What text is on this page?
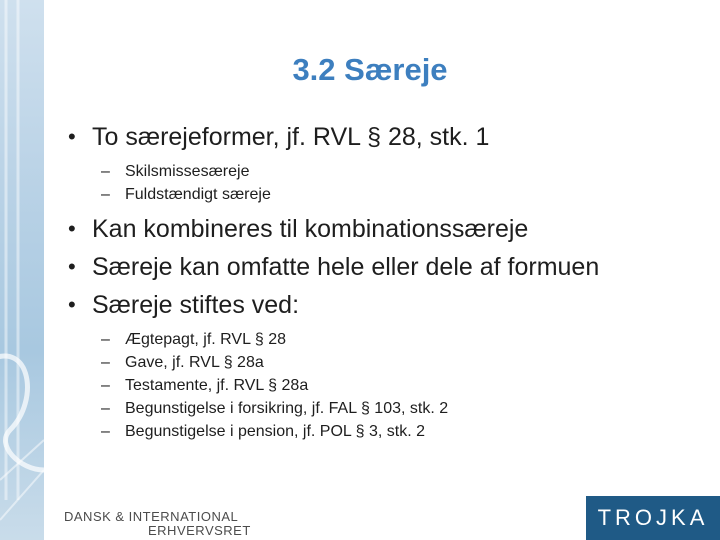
3.2 Særeje
• To særejeformer, jf. RVL § 28, stk. 1
– Skilsmissesæreje
– Fuldstændigt særeje
• Kan kombineres til kombinationssæreje
• Særeje kan omfatte hele eller dele af formuen
• Særeje stiftes ved:
– Ægtepagt, jf. RVL § 28
– Gave, jf. RVL § 28a
– Testamente, jf. RVL § 28a
– Begunstigelse i forsikring, jf. FAL § 103, stk. 2
– Begunstigelse i pension, jf. POL § 3, stk. 2
DANSK & INTERNATIONAL
ERHVERVSRET
TROJKA
